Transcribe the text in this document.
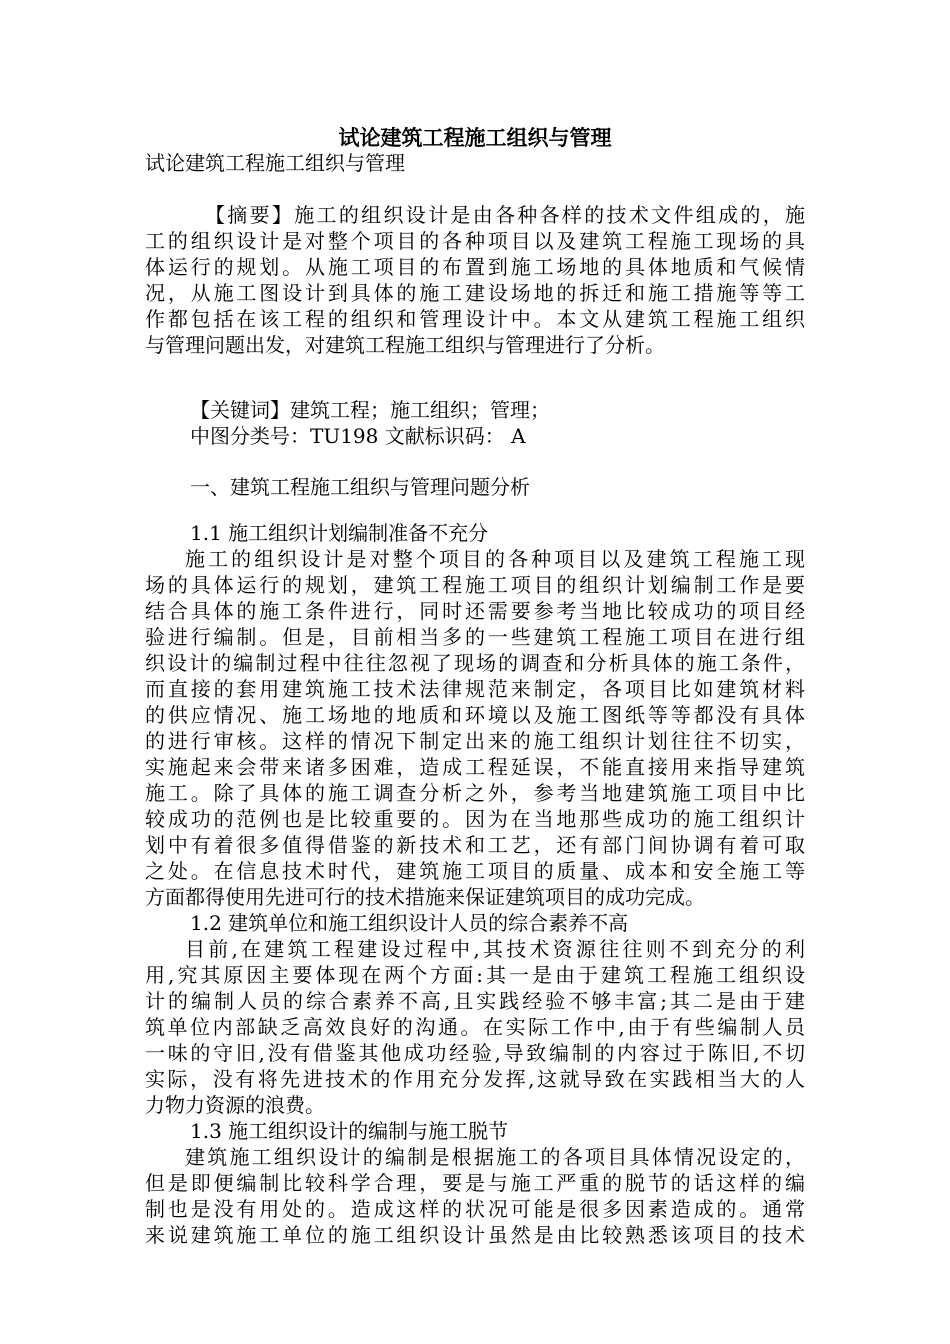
试论建筑工程施工组织与管理
试论建筑工程施工组织与管理
【摘要】施工的组织设计是由各种各样的技术文件组成的，施
工的组织设计是对整个项目的各种项目以及建筑工程施工现场的具
体运行的规划。从施工项目的布置到施工场地的具体地质和气候情
况，从施工图设计到具体的施工建设场地的拆迁和施工措施等等工
作都包括在该工程的组织和管理设计中。本文从建筑工程施工组织
与管理问题出发，对建筑工程施工组织与管理进行了分析。
【关键词】建筑工程；施工组织；管理；
中图分类号：TU198 文献标识码： A
一、建筑工程施工组织与管理问题分析
1.1 施工组织计划编制准备不充分
施工的组织设计是对整个项目的各种项目以及建筑工程施工现
场的具体运行的规划，建筑工程施工项目的组织计划编制工作是要
结合具体的施工条件进行，同时还需要参考当地比较成功的项目经
验进行编制。但是，目前相当多的一些建筑工程施工项目在进行组
织设计的编制过程中往往忽视了现场的调查和分析具体的施工条件，
而直接的套用建筑施工技术法律规范来制定，各项目比如建筑材料
的供应情况、施工场地的地质和环境以及施工图纸等等都没有具体
的进行审核。这样的情况下制定出来的施工组织计划往往不切实，
实施起来会带来诸多困难，造成工程延误，不能直接用来指导建筑
施工。除了具体的施工调查分析之外，参考当地建筑施工项目中比
较成功的范例也是比较重要的。因为在当地那些成功的施工组织计
划中有着很多值得借鉴的新技术和工艺，还有部门间协调有着可取
之处。在信息技术时代，建筑施工项目的质量、成本和安全施工等
方面都得使用先进可行的技术措施来保证建筑项目的成功完成。
1.2 建筑单位和施工组织设计人员的综合素养不高
目前,在建筑工程建设过程中,其技术资源往往则不到充分的利
用,究其原因主要体现在两个方面:其一是由于建筑工程施工组织设
计的编制人员的综合素养不高,且实践经验不够丰富;其二是由于建
筑单位内部缺乏高效良好的沟通。在实际工作中,由于有些编制人员
一味的守旧,没有借鉴其他成功经验,导致编制的内容过于陈旧,不切
实际，没有将先进技术的作用充分发挥,这就导致在实践相当大的人
力物力资源的浪费。
1.3 施工组织设计的编制与施工脱节
建筑施工组织设计的编制是根据施工的各项目具体情况设定的，
但是即便编制比较科学合理，要是与施工严重的脱节的话这样的编
制也是没有用处的。造成这样的状况可能是很多因素造成的。通常
来说建筑施工单位的施工组织设计虽然是由比较熟悉该项目的技术
